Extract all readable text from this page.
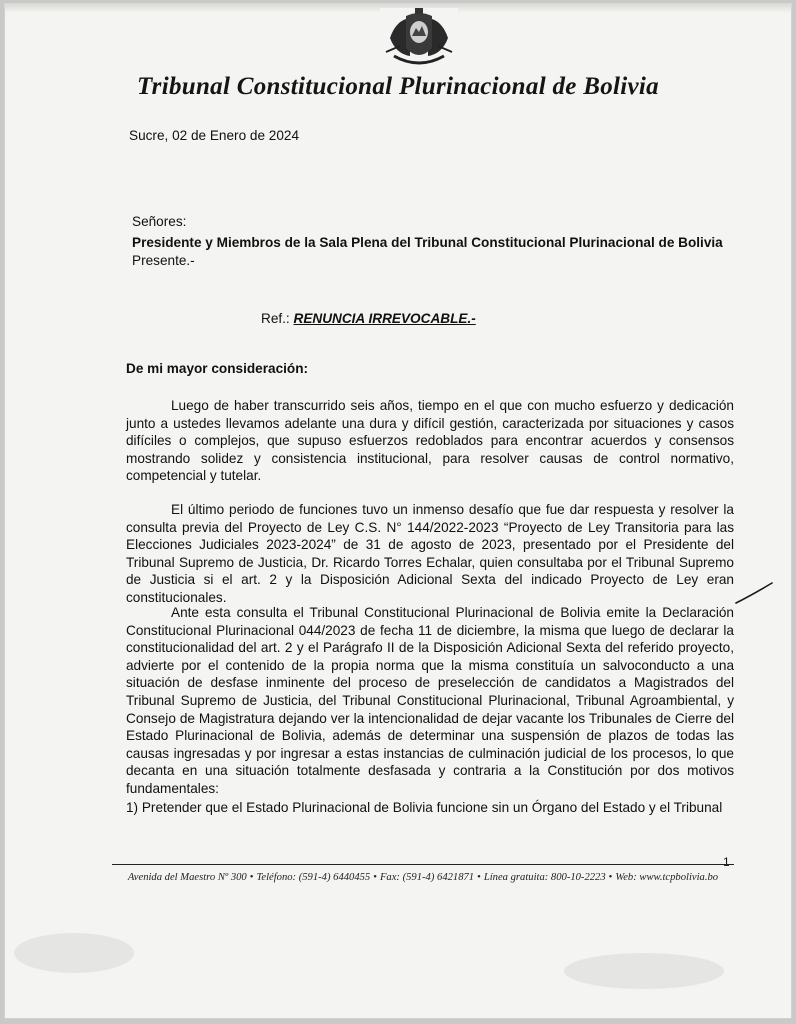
Tribunal Constitucional Plurinacional de Bolivia
Sucre, 02 de Enero de 2024
Señores:
Presidente y Miembros de la Sala Plena del Tribunal Constitucional Plurinacional de Bolivia
Presente.-
Ref.: RENUNCIA IRREVOCABLE.-
De mi mayor consideración:
Luego de haber transcurrido seis años, tiempo en el que con mucho esfuerzo y dedicación junto a ustedes llevamos adelante una dura y difícil gestión, caracterizada por situaciones y casos difíciles o complejos, que supuso esfuerzos redoblados para encontrar acuerdos y consensos mostrando solidez y consistencia institucional, para resolver causas de control normativo, competencial y tutelar.
El último periodo de funciones tuvo un inmenso desafío que fue dar respuesta y resolver la consulta previa del Proyecto de Ley C.S. N° 144/2022-2023 “Proyecto de Ley Transitoria para las Elecciones Judiciales 2023-2024” de 31 de agosto de 2023, presentado por el Presidente del Tribunal Supremo de Justicia, Dr. Ricardo Torres Echalar, quien consultaba por el Tribunal Supremo de Justicia si el art. 2 y la Disposición Adicional Sexta del indicado Proyecto de Ley eran constitucionales.
Ante esta consulta el Tribunal Constitucional Plurinacional de Bolivia emite la Declaración Constitucional Plurinacional 044/2023 de fecha 11 de diciembre, la misma que luego de declarar la constitucionalidad del art. 2 y el Parágrafo II de la Disposición Adicional Sexta del referido proyecto, advierte por el contenido de la propia norma que la misma constituía un salvoconducto a una situación de desfase inminente del proceso de preselección de candidatos a Magistrados del Tribunal Supremo de Justicia, del Tribunal Constitucional Plurinacional, Tribunal Agroambiental, y Consejo de Magistratura dejando ver la intencionalidad de dejar vacante los Tribunales de Cierre del Estado Plurinacional de Bolivia, además de determinar una suspensión de plazos de todas las causas ingresadas y por ingresar a estas instancias de culminación judicial de los procesos, lo que decanta en una situación totalmente desfasada y contraria a la Constitución por dos motivos fundamentales:
1) Pretender que el Estado Plurinacional de Bolivia funcione sin un Órgano del Estado y el Tribunal
1
Avenida del Maestro Nº 300 • Teléfono: (591-4) 6440455 • Fax: (591-4) 6421871 • Línea gratuita: 800-10-2223 • Web: www.tcpbolivia.bo
